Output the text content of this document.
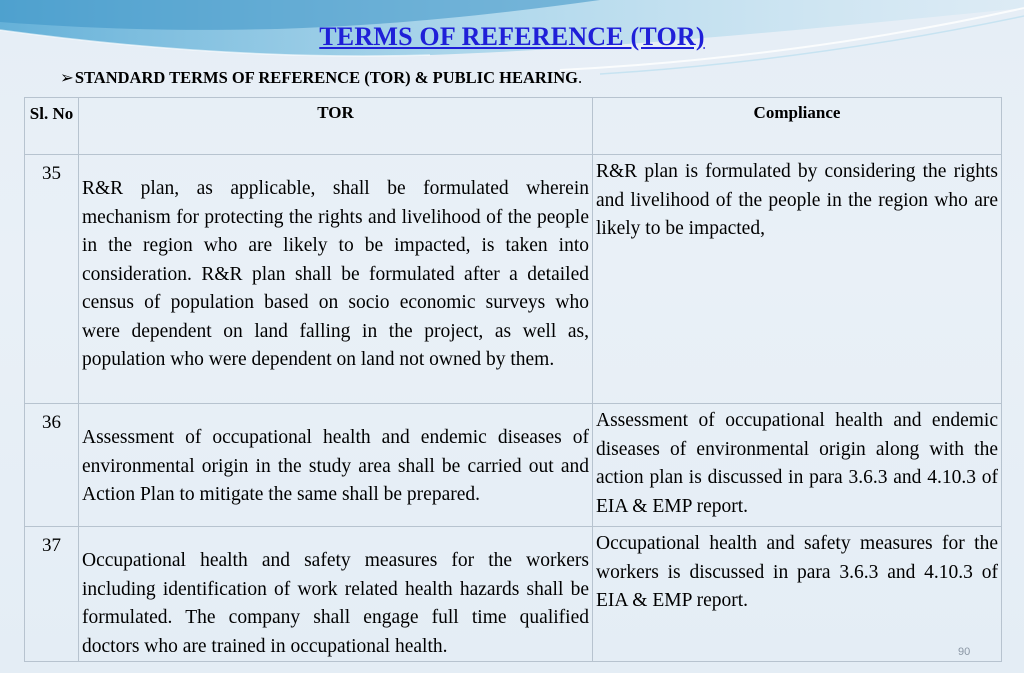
TERMS OF REFERENCE (TOR)
➢STANDARD TERMS OF REFERENCE (TOR) & PUBLIC HEARING.
Sl. No	TOR	Compliance
35	R&R plan, as applicable, shall be formulated wherein mechanism for protecting the rights and livelihood of the people in the region who are likely to be impacted, is taken into consideration. R&R plan shall be formulated after a detailed census of population based on socio economic surveys who were dependent on land falling in the project, as well as, population who were dependent on land not owned by them.	R&R plan is formulated by considering the rights and livelihood of the people in the region who are likely to be impacted,
36	Assessment of occupational health and endemic diseases of environmental origin in the study area shall be carried out and Action Plan to mitigate the same shall be prepared.	Assessment of occupational health and endemic diseases of environmental origin along with the action plan is discussed in para 3.6.3 and 4.10.3 of EIA & EMP report.
37	Occupational health and safety measures for the workers including identification of work related health hazards shall be formulated. The company shall engage full time qualified doctors who are trained in occupational health.	Occupational health and safety measures for the workers is discussed in para 3.6.3 and 4.10.3 of EIA & EMP report.
90
